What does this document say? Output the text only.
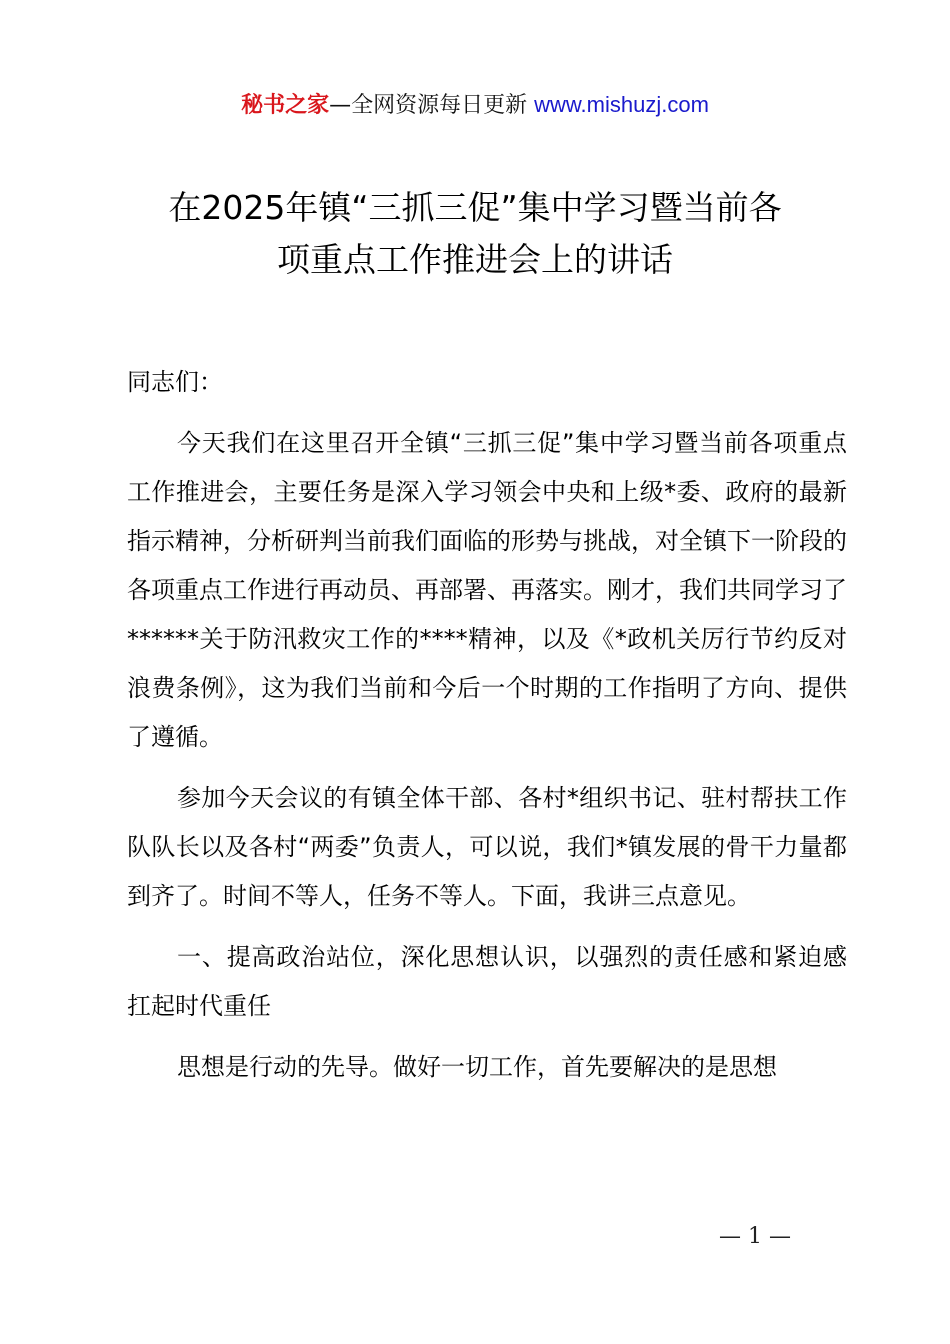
秘书之家—全网资源每日更新 www.mishuzj.com
在2025年镇“三抓三促”集中学习暨当前各
项重点工作推进会上的讲话

同志们：

今天我们在这里召开全镇“三抓三促”集中学习暨当前各项重点工作推进会，主要任务是深入学习领会中央和上级*委、政府的最新指示精神，分析研判当前我们面临的形势与挑战，对全镇下一阶段的各项重点工作进行再动员、再部署、再落实。刚才，我们共同学习了******关于防汛救灾工作的****精神，以及《*政机关厉行节约反对浪费条例》，这为我们当前和今后一个时期的工作指明了方向、提供了遵循。

参加今天会议的有镇全体干部、各村*组织书记、驻村帮扶工作队队长以及各村“两委”负责人，可以说，我们*镇发展的骨干力量都到齐了。时间不等人，任务不等人。下面，我讲三点意见。

一、提高政治站位，深化思想认识，以强烈的责任感和紧迫感扛起时代重任

思想是行动的先导。做好一切工作，首先要解决的是思想

— 1 —
